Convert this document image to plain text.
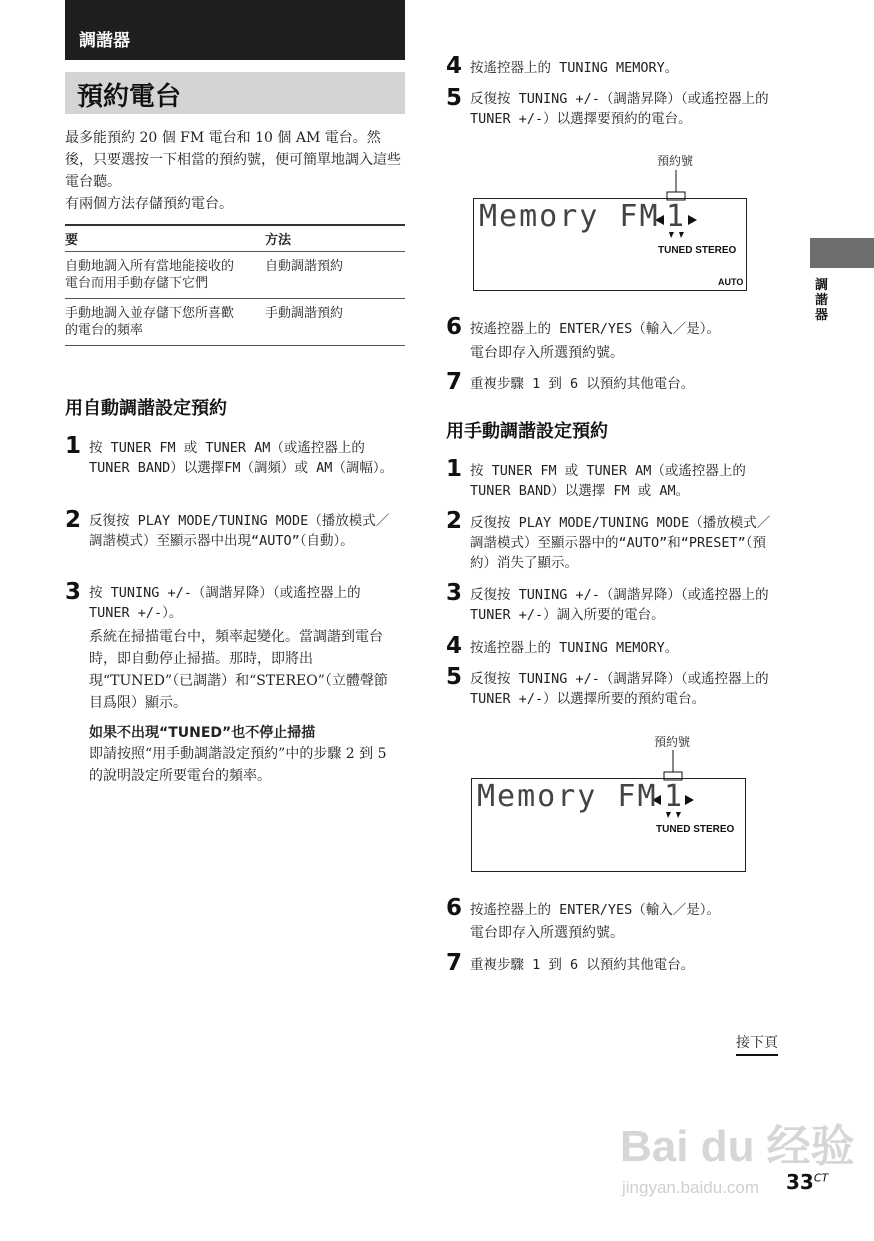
調諧器
預約電台

最多能預約 20 個 FM 電台和 10 個 AM 電台。然後，只要選按一下相當的預約號，便可簡單地調入這些電台聽。

有兩個方法存儲預約電台。

要	方法
自動地調入所有當地能接收的電台而用手動存儲下它們	自動調諧預約
手動地調入並存儲下您所喜歡的電台的頻率	手動調諧預約
用自動調諧設定預約
1 按 TUNER FM 或 TUNER AM（或遙控器上的 TUNER BAND）以選擇FM（調頻）或 AM（調幅）。
2 反復按 PLAY MODE/TUNING MODE（播放模式／調諧模式）至顯示器中出現“AUTO”（自動）。
3 按 TUNING +/-（調諧昇降）（或遙控器上的 TUNER +/-）。
系統在掃描電台中，頻率起變化。當調諧到電台時，即自動停止掃描。那時，即將出現“TUNED”（已調諧）和“STEREO”（立體聲節目爲限）顯示。
如果不出現“TUNED”也不停止掃描
即請按照“用手動調諧設定預約”中的步驟 2 到 5 的說明設定所要電台的頻率。
4 按遙控器上的 TUNING MEMORY。
5 反復按 TUNING +/-（調諧昇降）（或遙控器上的 TUNER +/-）以選擇要預約的電台。
預約號
Memory FM 1
TUNED STEREO
AUTO
6 按遙控器上的 ENTER/YES（輸入／是）。
電台即存入所選預約號。
7 重複步驟 1 到 6 以預約其他電台。
用手動調諧設定預約
1 按 TUNER FM 或 TUNER AM（或遙控器上的 TUNER BAND）以選擇 FM 或 AM。
2 反復按 PLAY MODE/TUNING MODE（播放模式／調諧模式）至顯示器中的“AUTO”和“PRESET”（預約）消失了顯示。
3 反復按 TUNING +/-（調諧昇降）（或遙控器上的 TUNER +/-）調入所要的電台。
4 按遙控器上的 TUNING MEMORY。
5 反復按 TUNING +/-（調諧昇降）（或遙控器上的 TUNER +/-）以選擇所要的預約電台。
預約號
Memory FM 1
TUNED STEREO
6 按遙控器上的 ENTER/YES（輸入／是）。
電台即存入所選預約號。
7 重複步驟 1 到 6 以預約其他電台。
調諧器
接下頁
Bai du 经验
jingyan.baidu.com $33^{CT}$
